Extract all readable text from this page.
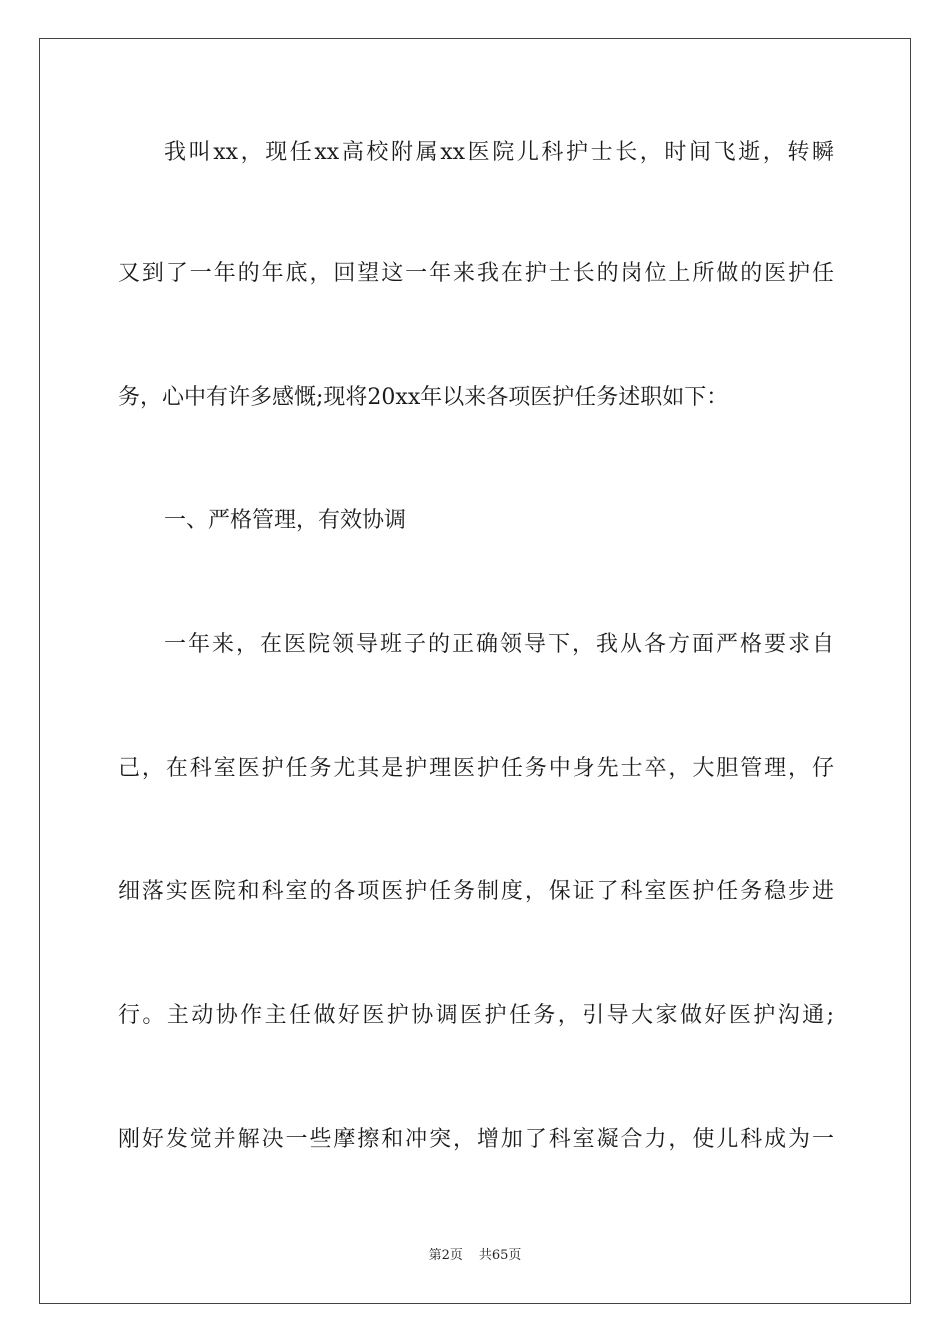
我叫xx，现任xx高校附属xx医院儿科护士长，时间飞逝，转瞬
又到了一年的年底，回望这一年来我在护士长的岗位上所做的医护任
务，心中有许多感慨;现将20xx年以来各项医护任务述职如下：
一、严格管理，有效协调
一年来，在医院领导班子的正确领导下，我从各方面严格要求自
己，在科室医护任务尤其是护理医护任务中身先士卒，大胆管理，仔
细落实医院和科室的各项医护任务制度，保证了科室医护任务稳步进
行。主动协作主任做好医护协调医护任务，引导大家做好医护沟通;
刚好发觉并解决一些摩擦和冲突，增加了科室凝合力，使儿科成为一
第2页 共65页
